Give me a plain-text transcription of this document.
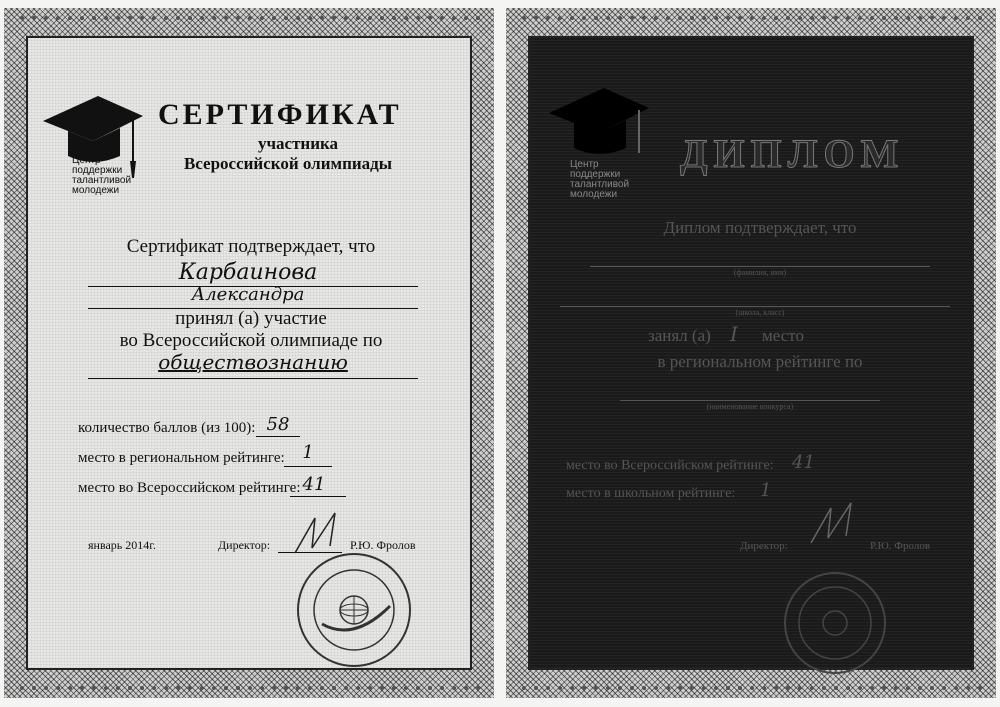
Центр
поддержки
талантливой
молодежи
СЕРТИФИКАТ
участника
Всероссийской олимпиады
Сертификат подтверждает, что
Карбаинова
Александра
принял (а) участие
во Всероссийской олимпиаде по
обществознанию
количество баллов (из 100): 58
место в региональном рейтинге: 1
место во Всероссийском рейтинге: 41
январь 2014г.	Директор:	Р.Ю. Фролов
Центр
поддержки
талантливой
молодежи
ДИПЛОМ
Диплом подтверждает, что
(фамилия, имя)
(школа, класс)
занял (а) I место
в региональном рейтинге по
(наименование конкурса)
место во Всероссийском рейтинге: 41
место в школьном рейтинге: 1
Директор:	Р.Ю. Фролов
